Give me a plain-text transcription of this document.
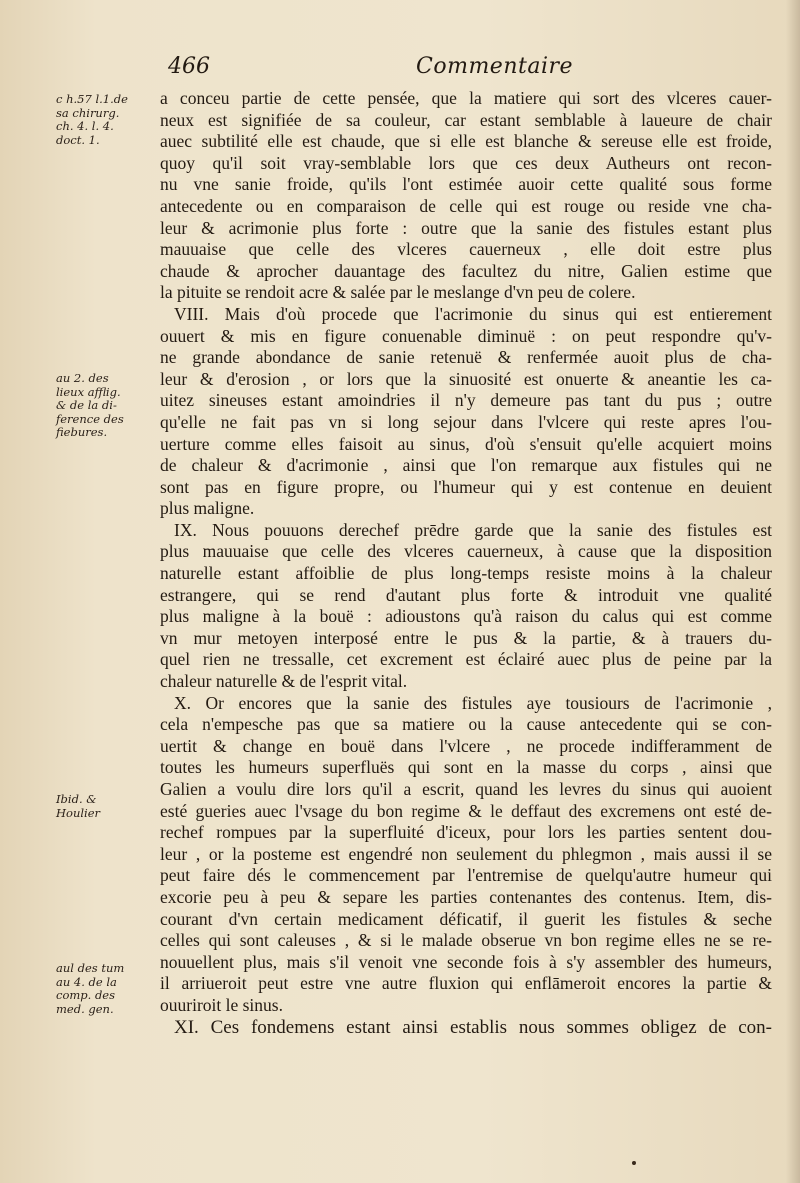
466	Commentaire
c h.57 l.1.de
sa chirurg.
ch. 4. l. 4.
doct. 1.
au 2. des
lieux afflig.
& de la di-
ference des
fiebures.
Ibid. &
Houlier
aul des tum
au 4. de la
comp. des
med. gen.
a conceu partie de cette pensée, que la matiere qui sort des vlceres cauer-
neux est signifiée de sa couleur, car estant semblable à laueure de chair
auec subtilité elle est chaude, que si elle est blanche & sereuse elle est froide,
quoy qu'il soit vray-semblable lors que ces deux Autheurs ont recon-
nu vne sanie froide, qu'ils l'ont estimée auoir cette qualité sous forme
antecedente ou en comparaison de celle qui est rouge ou reside vne cha-
leur & acrimonie plus forte : outre que la sanie des fistules estant plus
mauuaise que celle des vlceres cauerneux , elle doit estre plus
chaude & aprocher dauantage des facultez du nitre, Galien estime que
la pituite se rendoit acre & salée par le meslange d'vn peu de colere.
VIII. Mais d'où procede que l'acrimonie du sinus qui est entierement
ouuert & mis en figure conuenable diminuë : on peut respondre qu'v-
ne grande abondance de sanie retenuë & renfermée auoit plus de cha-
leur & d'erosion , or lors que la sinuosité est onuerte & aneantie les ca-
uitez sineuses estant amoindries il n'y demeure pas tant du pus ; outre
qu'elle ne fait pas vn si long sejour dans l'vlcere qui reste apres l'ou-
uerture comme elles faisoit au sinus, d'où s'ensuit qu'elle acquiert moins
de chaleur & d'acrimonie , ainsi que l'on remarque aux fistules qui ne
sont pas en figure propre, ou l'humeur qui y est contenue en deuient
plus maligne.
IX. Nous pouuons derechef prēdre garde que la sanie des fistules est
plus mauuaise que celle des vlceres cauerneux, à cause que la disposition
naturelle estant affoiblie de plus long-temps resiste moins à la chaleur
estrangere, qui se rend d'autant plus forte & introduit vne qualité
plus maligne à la bouë : adioustons qu'à raison du calus qui est comme
vn mur metoyen interposé entre le pus & la partie, & à trauers du-
quel rien ne tressalle, cet excrement est éclairé auec plus de peine par la
chaleur naturelle & de l'esprit vital.
X. Or encores que la sanie des fistules aye tousiours de l'acrimonie ,
cela n'empesche pas que sa matiere ou la cause antecedente qui se con-
uertit & change en bouë dans l'vlcere , ne procede indifferamment de
toutes les humeurs superfluës qui sont en la masse du corps , ainsi que
Galien a voulu dire lors qu'il a escrit, quand les levres du sinus qui auoient
esté gueries auec l'vsage du bon regime & le deffaut des excremens ont esté de-
rechef rompues par la superfluité d'iceux, pour lors les parties sentent dou-
leur , or la posteme est engendré non seulement du phlegmon , mais aussi il se
peut faire dés le commencement par l'entremise de quelqu'autre humeur qui
excorie peu à peu & separe les parties contenantes des contenus. Item, dis-
courant d'vn certain medicament déficatif, il guerit les fistules & seche
celles qui sont caleuses , & si le malade obserue vn bon regime elles ne se re-
nouuellent plus, mais s'il venoit vne seconde fois à s'y assembler des humeurs,
il arriueroit peut estre vne autre fluxion qui enflāmeroit encores la partie &
ouuriroit le sinus.
XI. Ces fondemens estant ainsi establis nous sommes obligez de con-
